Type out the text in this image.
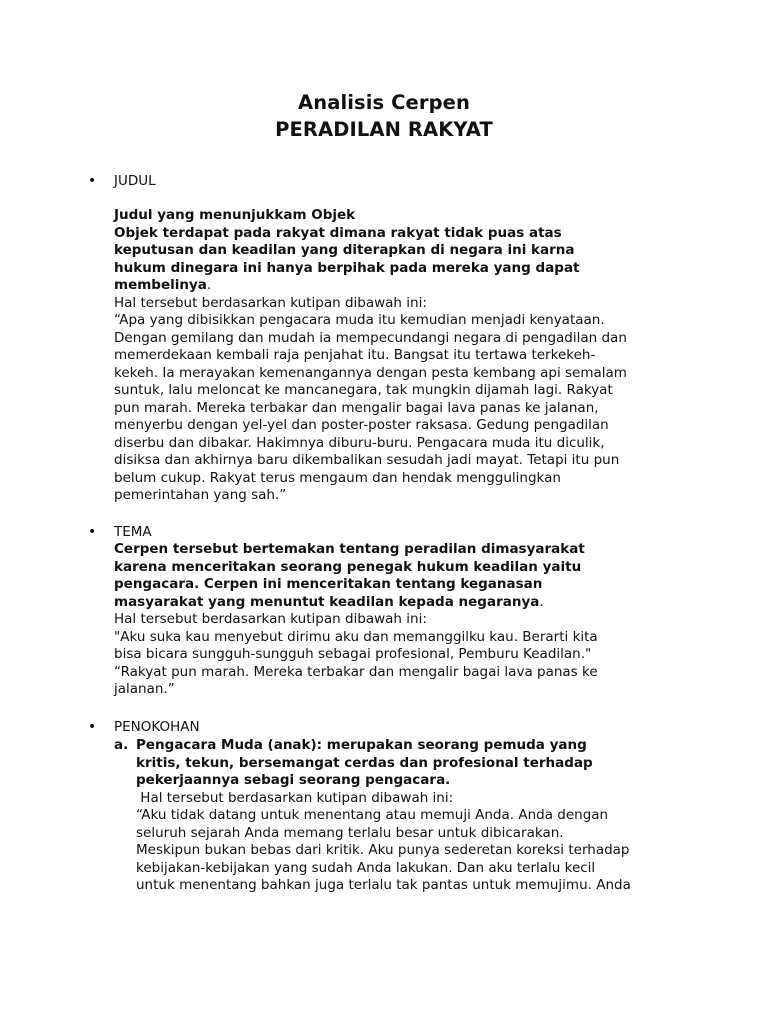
Analisis Cerpen
PERADILAN RAKYAT
•	JUDUL
Judul yang menunjukkam Objek
Objek terdapat pada rakyat dimana rakyat tidak puas atas
keputusan dan keadilan yang diterapkan di negara ini karna
hukum dinegara ini hanya berpihak pada mereka yang dapat
membelinya.
Hal tersebut berdasarkan kutipan dibawah ini:
“Apa yang dibisikkan pengacara muda itu kemudian menjadi kenyataan.
Dengan gemilang dan mudah ia mempecundangi negara di pengadilan dan
memerdekaan kembali raja penjahat itu. Bangsat itu tertawa terkekeh-
kekeh. Ia merayakan kemenangannya dengan pesta kembang api semalam
suntuk, lalu meloncat ke mancanegara, tak mungkin dijamah lagi. Rakyat
pun marah. Mereka terbakar dan mengalir bagai lava panas ke jalanan,
menyerbu dengan yel-yel dan poster-poster raksasa. Gedung pengadilan
diserbu dan dibakar. Hakimnya diburu-buru. Pengacara muda itu diculik,
disiksa dan akhirnya baru dikembalikan sesudah jadi mayat. Tetapi itu pun
belum cukup. Rakyat terus mengaum dan hendak menggulingkan
pemerintahan yang sah.”
•	TEMA
Cerpen tersebut bertemakan tentang peradilan dimasyarakat
karena menceritakan seorang penegak hukum keadilan yaitu
pengacara. Cerpen ini menceritakan tentang keganasan
masyarakat yang menuntut keadilan kepada negaranya.
Hal tersebut berdasarkan kutipan dibawah ini:
"Aku suka kau menyebut dirimu aku dan memanggilku kau. Berarti kita
bisa bicara sungguh-sungguh sebagai profesional, Pemburu Keadilan."
“Rakyat pun marah. Mereka terbakar dan mengalir bagai lava panas ke
jalanan.”
•	PENOKOHAN
a. Pengacara Muda (anak): merupakan seorang pemuda yang
kritis, tekun, bersemangat cerdas dan profesional terhadap
pekerjaannya sebagi seorang pengacara.
Hal tersebut berdasarkan kutipan dibawah ini:
“Aku tidak datang untuk menentang atau memuji Anda. Anda dengan
seluruh sejarah Anda memang terlalu besar untuk dibicarakan.
Meskipun bukan bebas dari kritik. Aku punya sederetan koreksi terhadap
kebijakan-kebijakan yang sudah Anda lakukan. Dan aku terlalu kecil
untuk menentang bahkan juga terlalu tak pantas untuk memujimu. Anda
